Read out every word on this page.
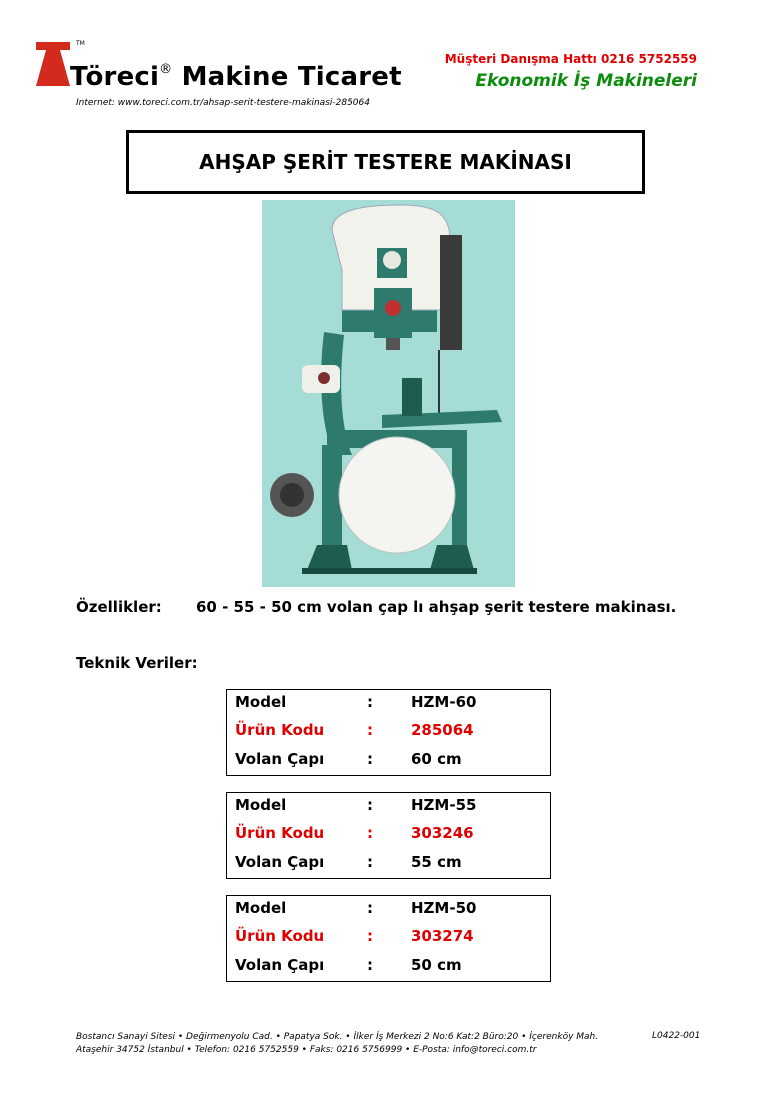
TM
Töreci® Makine Ticaret
Internet: www.toreci.com.tr/ahsap-serit-testere-makinasi-285064
Müşteri Danışma Hattı 0216 5752559
Ekonomik İş Makineleri
AHŞAP ŞERİT TESTERE MAKİNASI
Özellikler: 60 - 55 - 50 cm volan çap lı ahşap şerit testere makinası.
Teknik Veriler:
Model	:	HZM-60
Ürün Kodu	:	285064
Volan Çapı	:	60 cm
Model	:	HZM-55
Ürün Kodu	:	303246
Volan Çapı	:	55 cm
Model	:	HZM-50
Ürün Kodu	:	303274
Volan Çapı	:	50 cm
Bostancı Sanayi Sitesi • Değirmenyolu Cad. • Papatya Sok. • İlker İş Merkezi 2 No:6 Kat:2 Büro:20 • İçerenköy Mah.
Ataşehir 34752 İstanbul • Telefon: 0216 5752559 • Faks: 0216 5756999 • E-Posta: info@toreci.com.tr
L0422-001
